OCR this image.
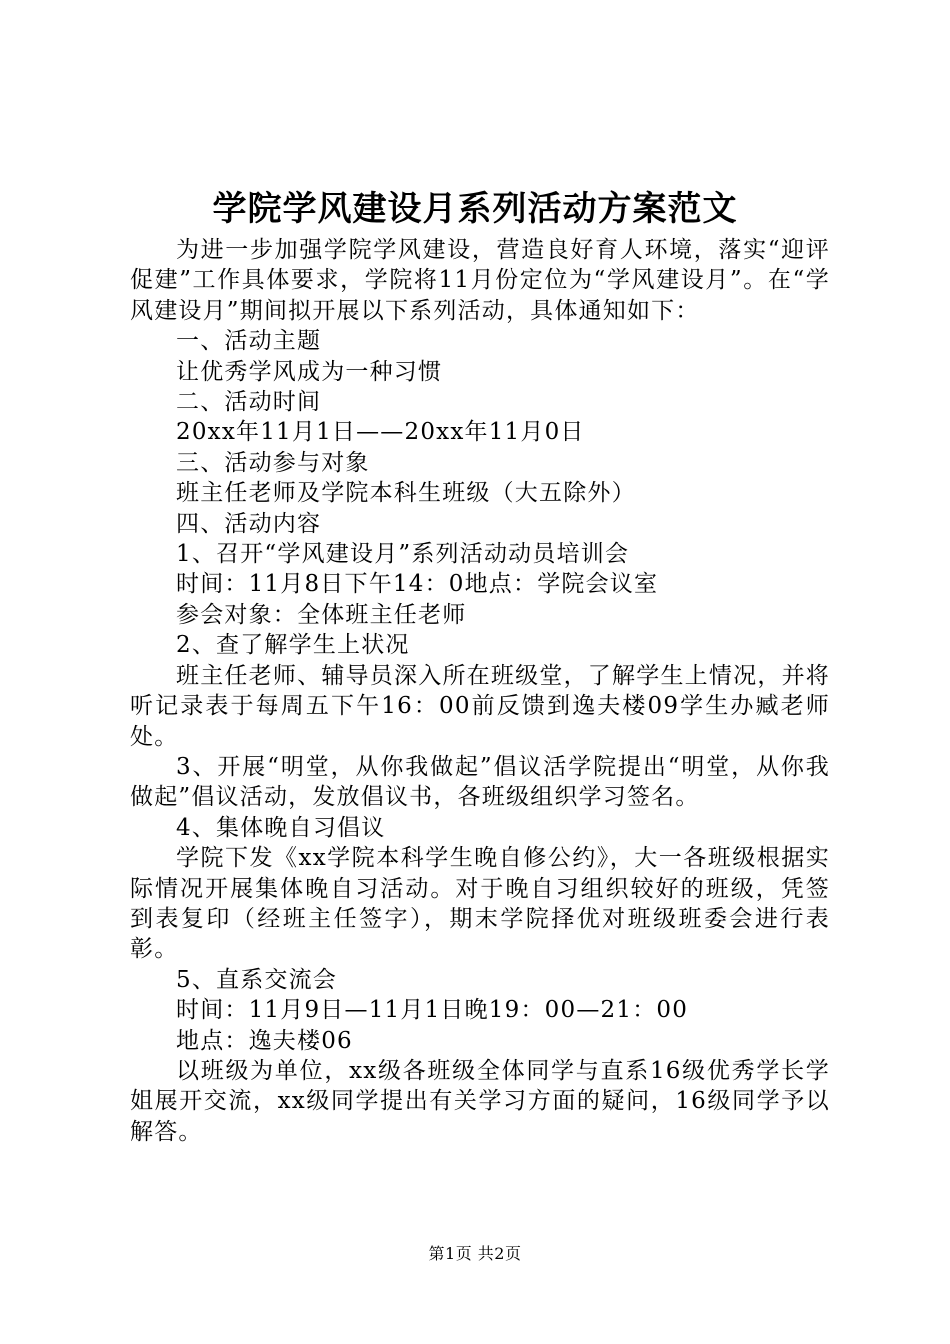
学院学风建设月系列活动方案范文

为进一步加强学院学风建设，营造良好育人环境，落实“迎评促建”工作具体要求，学院将11月份定位为“学风建设月”。在“学风建设月”期间拟开展以下系列活动，具体通知如下：

一、活动主题

让优秀学风成为一种习惯

二、活动时间

20xx年11月1日——20xx年11月0日

三、活动参与对象

班主任老师及学院本科生班级（大五除外）

四、活动内容

1、召开“学风建设月”系列活动动员培训会

时间：11月8日下午14：0地点：学院会议室

参会对象：全体班主任老师

2、查了解学生上状况

班主任老师、辅导员深入所在班级堂，了解学生上情况，并将听记录表于每周五下午16：00前反馈到逸夫楼09学生办臧老师处。

3、开展“明堂，从你我做起”倡议活学院提出“明堂，从你我做起”倡议活动，发放倡议书，各班级组织学习签名。

4、集体晚自习倡议

学院下发《xx学院本科学生晚自修公约》，大一各班级根据实际情况开展集体晚自习活动。对于晚自习组织较好的班级，凭签到表复印（经班主任签字），期末学院择优对班级班委会进行表彰。

5、直系交流会

时间：11月9日—11月1日晚19：00—21：00

地点：逸夫楼06

以班级为单位，xx级各班级全体同学与直系16级优秀学长学姐展开交流，xx级同学提出有关学习方面的疑问，16级同学予以解答。

第1页 共2页
